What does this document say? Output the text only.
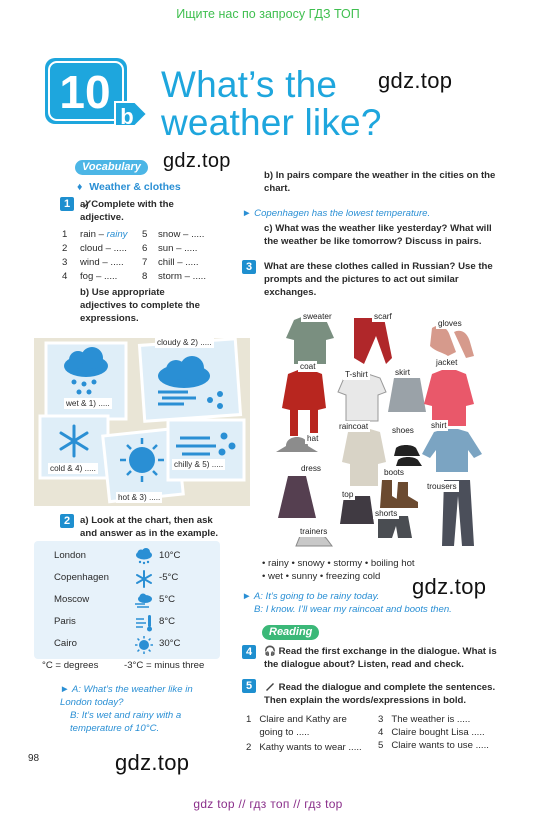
Ищите нас по запросу ГДЗ ТОП
10 b
What’s the
weather like?
gdz.top
gdz.top
gdz.top
gdz.top
Vocabulary
♦ Weather & clothes
1	a) Complete with the adjective.
1	rain – rainy	5	snow – .....
2	cloud – .....	6	sun – .....
3	wind – .....	7	chill – .....
4	fog – .....	8	storm – .....
b) Use appropriate adjectives to complete the expressions.
wet & 1) .....
cloudy & 2) .....
hot & 3) .....
cold & 4) .....	chilly & 5) .....
2	a) Look at the chart, then ask and answer as in the example.
London	10°C
Copenhagen	-5°C
Moscow	5°C
Paris	8°C
Cairo	30°C
°C = degrees	-3°C = minus three
► A: What’s the weather like in London today?
B: It’s wet and rainy with a temperature of 10°C.
98
b) In pairs compare the weather in the cities on the chart.
► Copenhagen has the lowest temperature.
c) What was the weather like yesterday? What will the weather be like tomorrow? Discuss in pairs.
3	What are these clothes called in Russian? Use the prompts and the pictures to act out similar exchanges.
sweater	scarf
gloves
coat
T-shirt	skirt
jacket
hat
raincoat	shoes
shirt
dress	boots
top
trousers
shorts
trainers
• rainy • snowy • stormy • boiling hot
• wet • sunny • freezing cold
► A: It’s going to be rainy today.
B: I know. I’ll wear my raincoat and boots then.
Reading
4	🎧 Read the first exchange in the dialogue. What is the dialogue about? Listen, read and check.
5	Read the dialogue and complete the sentences. Then explain the words/expressions in bold.
1 Claire and Kathy are going to .....
2 Kathy wants to wear .....
3 The weather is .....
4 Claire bought Lisa .....
5 Claire wants to use .....
gdz top // гдз топ // гдз top
